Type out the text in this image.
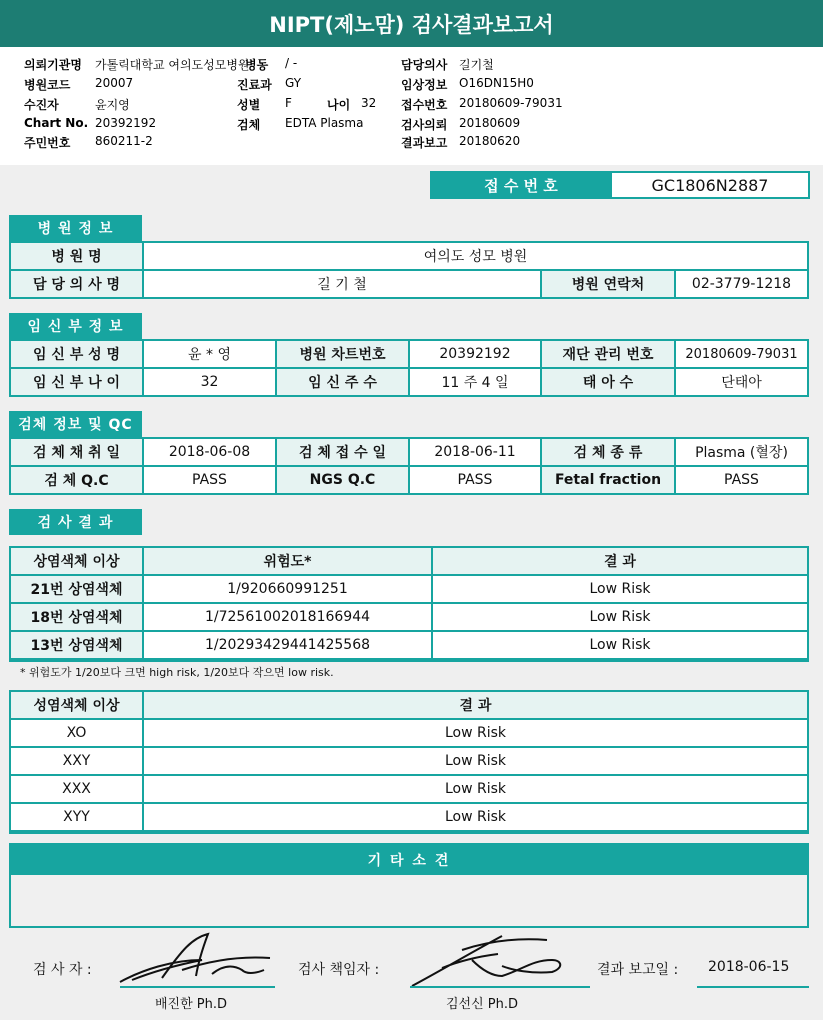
NIPT(제노맘) 검사결과보고서
의뢰기관명 가톨릭대학교 여의도성모병원
병원코드 20007
수진자	윤지영
Chart No. 20392192
주민번호 860211-2
병동 / -
진료과 GY
성별 F	나이 32
검체 EDTA Plasma
담당의사 길기철
임상정보 O16DN15H0
접수번호 20180609-79031
검사의뢰 20180609
결과보고 20180620
접 수 번 호	GC1806N2887
병 원 정 보
병 원 명	여의도 성모 병원
담 당 의 사 명	길 기 철	병원 연락처	02-3779-1218
임 신 부 정 보
임 신 부 성 명	윤 * 영	병원 차트번호	20392192	재단 관리 번호	20180609-79031
임 신 부 나 이	32	임 신 주 수	11 주 4 일	태 아 수	단태아
검체 정보 및 QC
검 체 채 취 일	2018-06-08	검 체 접 수 일	2018-06-11	검 체 종 류	Plasma (혈장)
검 체 Q.C	PASS	NGS Q.C	PASS	Fetal fraction	PASS
검 사 결 과
상염색체 이상	위험도*	결 과
21번 상염색체	1/920660991251	Low Risk
18번 상염색체	1/72561002018166944	Low Risk
13번 상염색체	1/20293429441425568	Low Risk
* 위험도가 1/20보다 크면 high risk, 1/20보다 작으면 low risk.
성염색체 이상	결 과
XO	Low Risk
XXY	Low Risk
XXX	Low Risk
XYY	Low Risk
기 타 소 견
검 사 자 :
배진한 Ph.D
검사 책임자 :
김선신 Ph.D
결과 보고일 : 2018-06-15
